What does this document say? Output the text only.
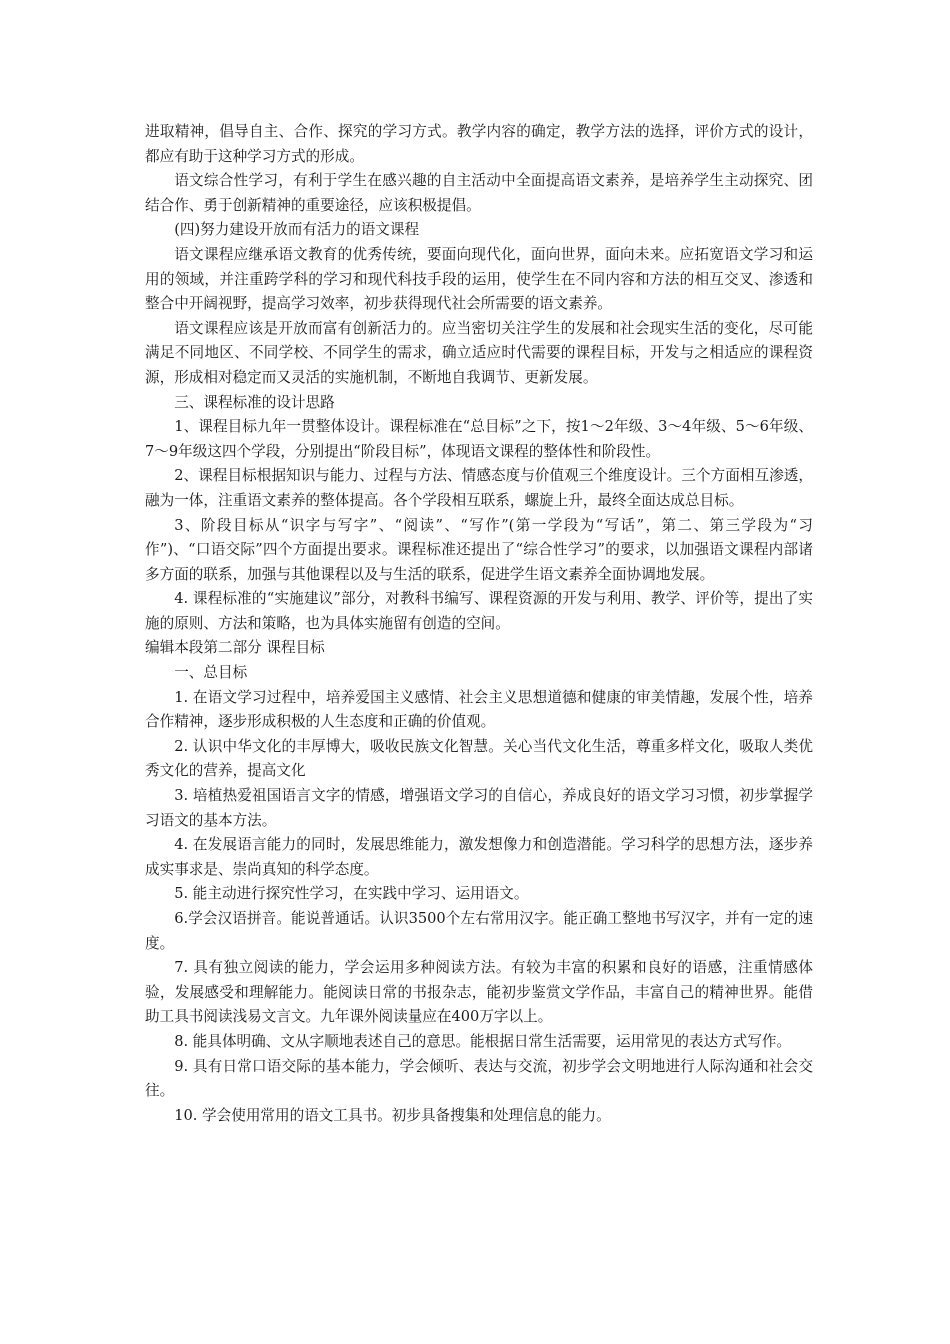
进取精神，倡导自主、合作、探究的学习方式。教学内容的确定，教学方法的选择，评价方式的设计，都应有助于这种学习方式的形成。

语文综合性学习，有利于学生在感兴趣的自主活动中全面提高语文素养，是培养学生主动探究、团结合作、勇于创新精神的重要途径，应该积极提倡。

(四)努力建设开放而有活力的语文课程

语文课程应继承语文教育的优秀传统，要面向现代化，面向世界，面向未来。应拓宽语文学习和运用的领域，并注重跨学科的学习和现代科技手段的运用，使学生在不同内容和方法的相互交叉、渗透和整合中开阔视野，提高学习效率，初步获得现代社会所需要的语文素养。

语文课程应该是开放而富有创新活力的。应当密切关注学生的发展和社会现实生活的变化，尽可能满足不同地区、不同学校、不同学生的需求，确立适应时代需要的课程目标，开发与之相适应的课程资源，形成相对稳定而又灵活的实施机制，不断地自我调节、更新发展。

三、课程标准的设计思路

1、课程目标九年一贯整体设计。课程标准在“总目标”之下，按1～2年级、3～4年级、5～6年级、7～9年级这四个学段，分别提出“阶段目标”，体现语文课程的整体性和阶段性。

2、课程目标根据知识与能力、过程与方法、情感态度与价值观三个维度设计。三个方面相互渗透，融为一体，注重语文素养的整体提高。各个学段相互联系，螺旋上升，最终全面达成总目标。

3、阶段目标从“识字与写字”、“阅读”、“写作”(第一学段为“写话”，第二、第三学段为“习作”)、“口语交际”四个方面提出要求。课程标准还提出了“综合性学习”的要求，以加强语文课程内部诸多方面的联系，加强与其他课程以及与生活的联系，促进学生语文素养全面协调地发展。

4. 课程标准的“实施建议”部分，对教科书编写、课程资源的开发与利用、教学、评价等，提出了实施的原则、方法和策略，也为具体实施留有创造的空间。

编辑本段第二部分 课程目标

一、总目标

1. 在语文学习过程中，培养爱国主义感情、社会主义思想道德和健康的审美情趣，发展个性，培养合作精神，逐步形成积极的人生态度和正确的价值观。

2. 认识中华文化的丰厚博大，吸收民族文化智慧。关心当代文化生活，尊重多样文化，吸取人类优秀文化的营养，提高文化

3. 培植热爱祖国语言文字的情感，增强语文学习的自信心，养成良好的语文学习习惯，初步掌握学习语文的基本方法。

4. 在发展语言能力的同时，发展思维能力，激发想像力和创造潜能。学习科学的思想方法，逐步养成实事求是、崇尚真知的科学态度。

5. 能主动进行探究性学习，在实践中学习、运用语文。

6.学会汉语拼音。能说普通话。认识3500个左右常用汉字。能正确工整地书写汉字，并有一定的速度。

7. 具有独立阅读的能力，学会运用多种阅读方法。有较为丰富的积累和良好的语感，注重情感体验，发展感受和理解能力。能阅读日常的书报杂志，能初步鉴赏文学作品，丰富自己的精神世界。能借助工具书阅读浅易文言文。九年课外阅读量应在400万字以上。

8. 能具体明确、文从字顺地表述自己的意思。能根据日常生活需要，运用常见的表达方式写作。

9. 具有日常口语交际的基本能力，学会倾听、表达与交流，初步学会文明地进行人际沟通和社会交往。

10. 学会使用常用的语文工具书。初步具备搜集和处理信息的能力。
